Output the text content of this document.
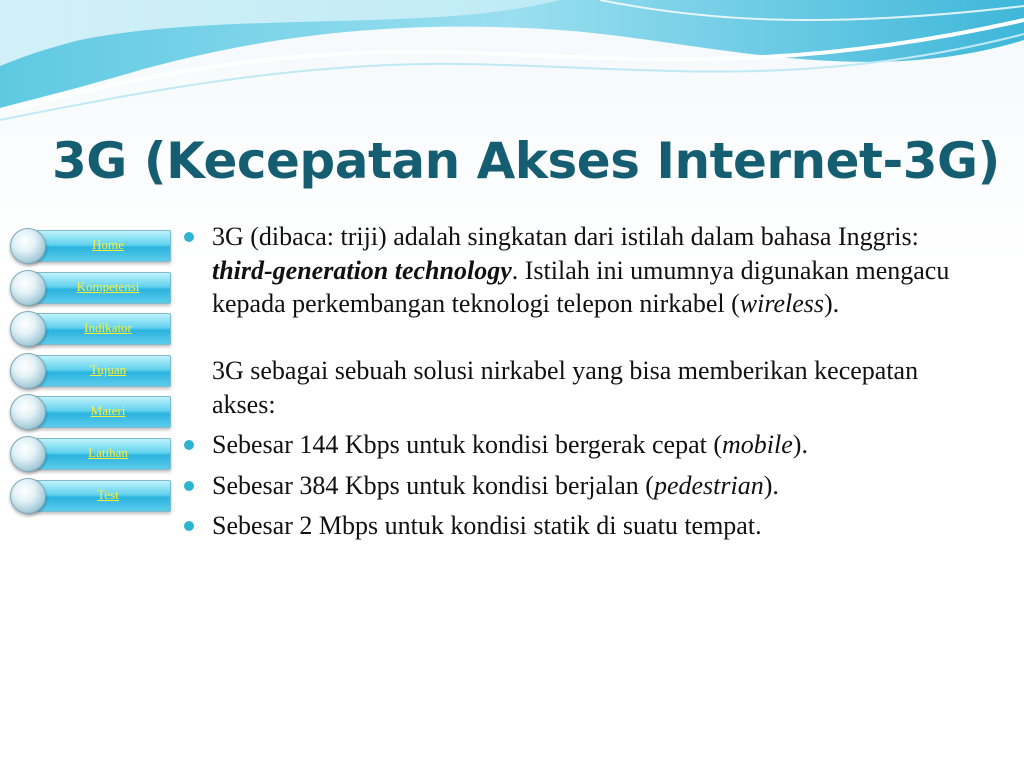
3G (Kecepatan Akses Internet-3G)
Home
Kompetensi
Indikator
Tujuan
Materi
Latihan
Test
3G (dibaca: triji) adalah singkatan dari istilah dalam bahasa Inggris: third-generation technology. Istilah ini umumnya digunakan mengacu kepada perkembangan teknologi telepon nirkabel (wireless).
3G sebagai sebuah solusi nirkabel yang bisa memberikan kecepatan akses:
Sebesar 144 Kbps untuk kondisi bergerak cepat (mobile).
Sebesar 384 Kbps untuk kondisi berjalan (pedestrian).
Sebesar 2 Mbps untuk kondisi statik di suatu tempat.
